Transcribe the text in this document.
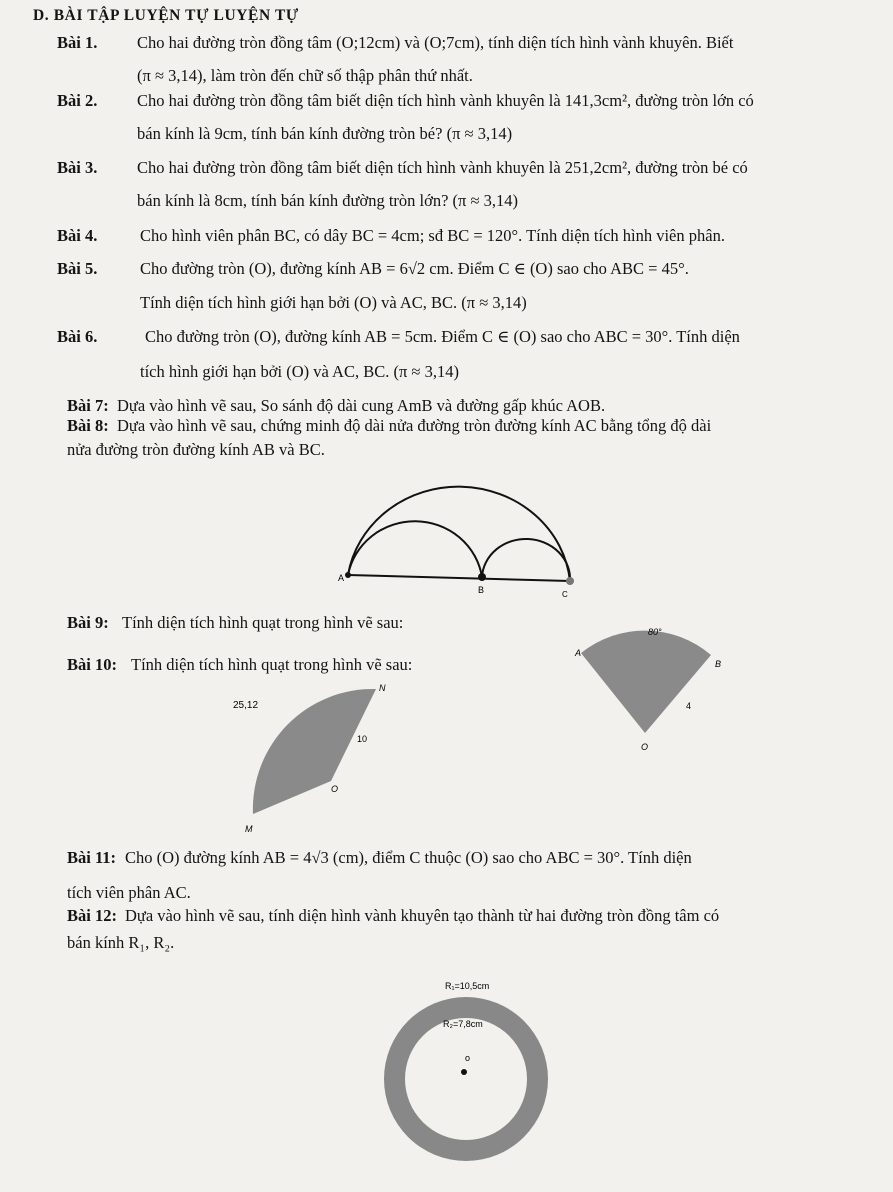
D. BÀI TẬP LUYỆN TỰ LUYỆN TỰ
Bài 1. Cho hai đường tròn đồng tâm (O;12cm) và (O;7cm), tính diện tích hình vành khuyên. Biết
(π ≈ 3,14), làm tròn đến chữ số thập phân thứ nhất.
Bài 2. Cho hai đường tròn đồng tâm biết diện tích hình vành khuyên là 141,3cm², đường tròn lớn có
bán kính là 9cm, tính bán kính đường tròn bé? (π ≈ 3,14)
Bài 3. Cho hai đường tròn đồng tâm biết diện tích hình vành khuyên là 251,2cm², đường tròn bé có
bán kính là 8cm, tính bán kính đường tròn lớn? (π ≈ 3,14)
Bài 4.	Cho hình viên phân BC, có dây BC = 4cm; sđ BC = 120°. Tính diện tích hình viên phân.
Bài 5.	Cho đường tròn (O), đường kính AB = 6√2 cm. Điểm C ∈ (O) sao cho ABC = 45°.
Tính diện tích hình giới hạn bởi (O) và AC, BC. (π ≈ 3,14)
Bài 6.	Cho đường tròn (O), đường kính AB = 5cm. Điểm C ∈ (O) sao cho ABC = 30°. Tính diện
tích hình giới hạn bởi (O) và AC, BC. (π ≈ 3,14)
Bài 7: Dựa vào hình vẽ sau, So sánh độ dài cung AmB và đường gấp khúc AOB.
Bài 8: Dựa vào hình vẽ sau, chứng minh độ dài nửa đường tròn đường kính AC bằng tổng độ dài
nửa đường tròn đường kính AB và BC.
A
B	C
Bài 9: Tính diện tích hình quạt trong hình vẽ sau:
Bài 10: Tính diện tích hình quạt trong hình vẽ sau:
80°
A
B
4
O
25,12
N
10
O
M
Bài 11: Cho (O) đường kính AB = 4√3 (cm), điểm C thuộc (O) sao cho ABC = 30°. Tính diện
tích viên phân AC.
Bài 12: Dựa vào hình vẽ sau, tính diện hình vành khuyên tạo thành từ hai đường tròn đồng tâm có
bán kính R₁, R₂.
R₁=10,5cm
R₂=7,8cm
o
